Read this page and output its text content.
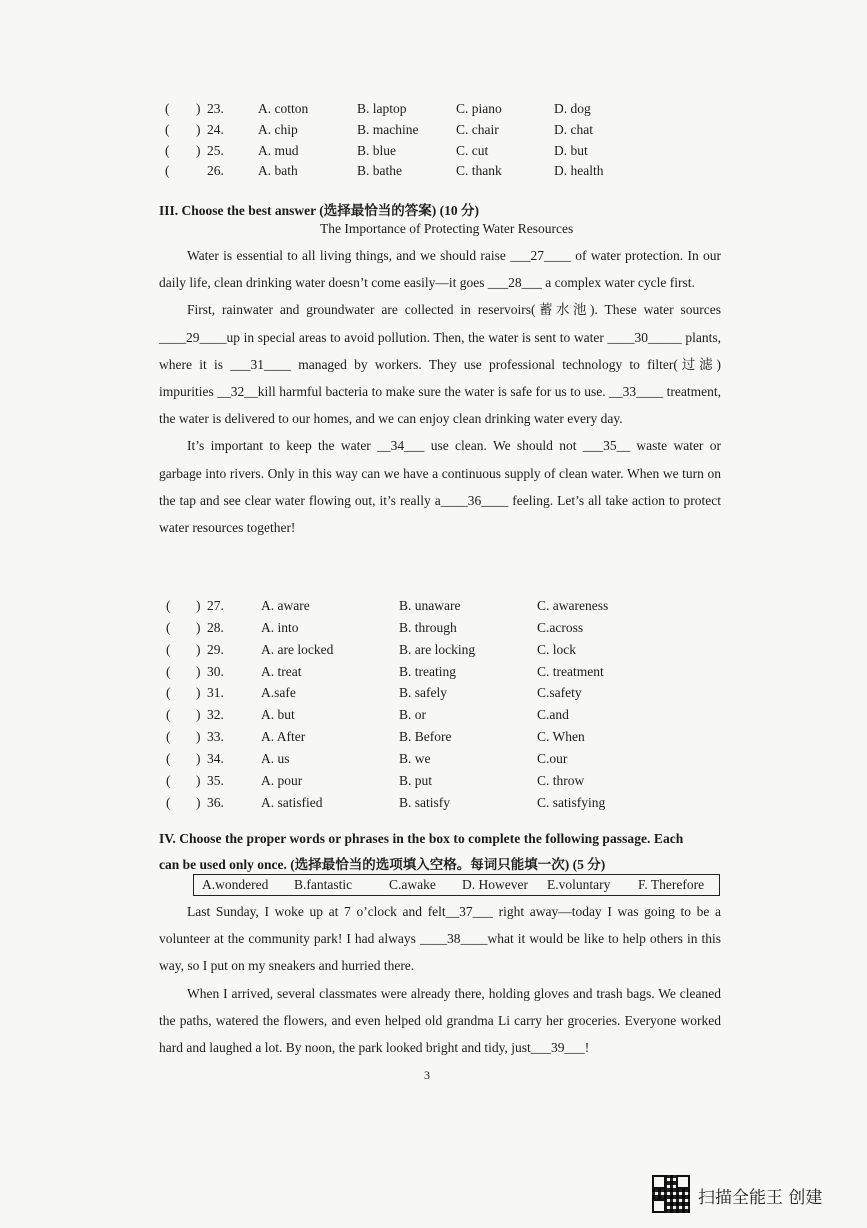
( ) 23.	A. cotton	B. laptop	C. piano	D. dog
( ) 24.	A. chip	B. machine	C. chair	D. chat
( ) 25.	A. mud	B. blue	C. cut	D. but
(	26.	A. bath	B. bathe	C. thank	D. health
III. Choose the best answer (选择最恰当的答案) (10 分)
The Importance of Protecting Water Resources

Water is essential to all living things, and we should raise ___27____ of water protection. In our daily life, clean drinking water doesn’t come easily—it goes ___28___ a complex water cycle first.

First, rainwater and groundwater are collected in reservoirs(蓄水池). These water sources ____29____up in special areas to avoid pollution. Then, the water is sent to water ____30_____ plants, where it is ___31____ managed by workers. They use professional technology to filter(过滤) impurities __32__kill harmful bacteria to make sure the water is safe for us to use. __33____ treatment, the water is delivered to our homes, and we can enjoy clean drinking water every day.

It’s important to keep the water __34___ use clean. We should not ___35__ waste water or garbage into rivers. Only in this way can we have a continuous supply of clean water. When we turn on the tap and see clear water flowing out, it’s really a____36____ feeling. Let’s all take action to protect water resources together!

( ) 27.	A. aware	B. unaware	C. awareness
( ) 28.	A. into	B. through	C.across
( ) 29.	A. are locked	B. are locking	C. lock
( ) 30.	A. treat	B. treating	C. treatment
( ) 31.	A.safe	B. safely	C.safety
( ) 32.	A. but	B. or	C.and
( ) 33.	A. After	B. Before	C. When
( ) 34.	A. us	B. we	C.our
( ) 35.	A. pour	B. put	C. throw
( ) 36.	A. satisfied	B. satisfy	C. satisfying
IV. Choose the proper words or phrases in the box to complete the following passage. Each
can be used only once. (选择最恰当的选项填入空格。每词只能填一次) (5 分)
A.wondered B.fantastic	C.awake D. However E.voluntary F. Therefore

Last Sunday, I woke up at 7 o’clock and felt__37___ right away—today I was going to be a volunteer at the community park! I had always ____38____what it would be like to help others in this way, so I put on my sneakers and hurried there.

When I arrived, several classmates were already there, holding gloves and trash bags. We cleaned the paths, watered the flowers, and even helped old grandma Li carry her groceries. Everyone worked hard and laughed a lot. By noon, the park looked bright and tidy, just___39___!

3
扫描全能王 创建
